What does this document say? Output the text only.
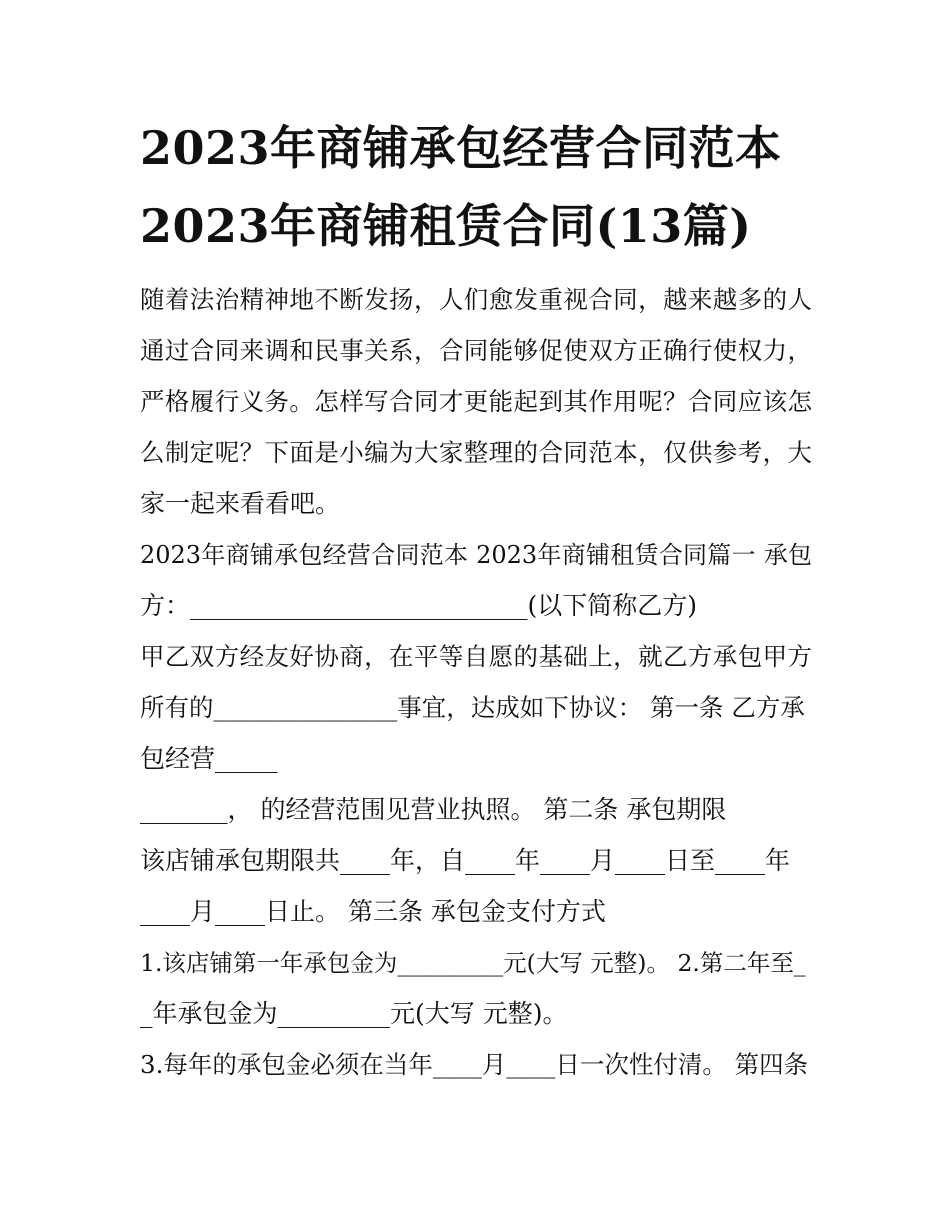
2023年商铺承包经营合同范本
2023年商铺租赁合同(13篇)
随着法治精神地不断发扬，人们愈发重视合同，越来越多的人
通过合同来调和民事关系，合同能够促使双方正确行使权力，
严格履行义务。怎样写合同才更能起到其作用呢？合同应该怎
么制定呢？下面是小编为大家整理的合同范本，仅供参考，大
家一起来看看吧。
2023年商铺承包经营合同范本 2023年商铺租赁合同篇一 承包
方：___________________________(以下简称乙方)
甲乙双方经友好协商，在平等自愿的基础上，就乙方承包甲方
所有的_______________事宜，达成如下协议： 第一条 乙方承
包经营_____
_______， 的经营范围见营业执照。 第二条 承包期限
该店铺承包期限共____年，自____年____月____日至____年
____月____日止。 第三条 承包金支付方式
1.该店铺第一年承包金为_________元(大写 元整)。 2.第二年至_
_年承包金为_________元(大写 元整)。
3.每年的承包金必须在当年____月____日一次性付清。 第四条
